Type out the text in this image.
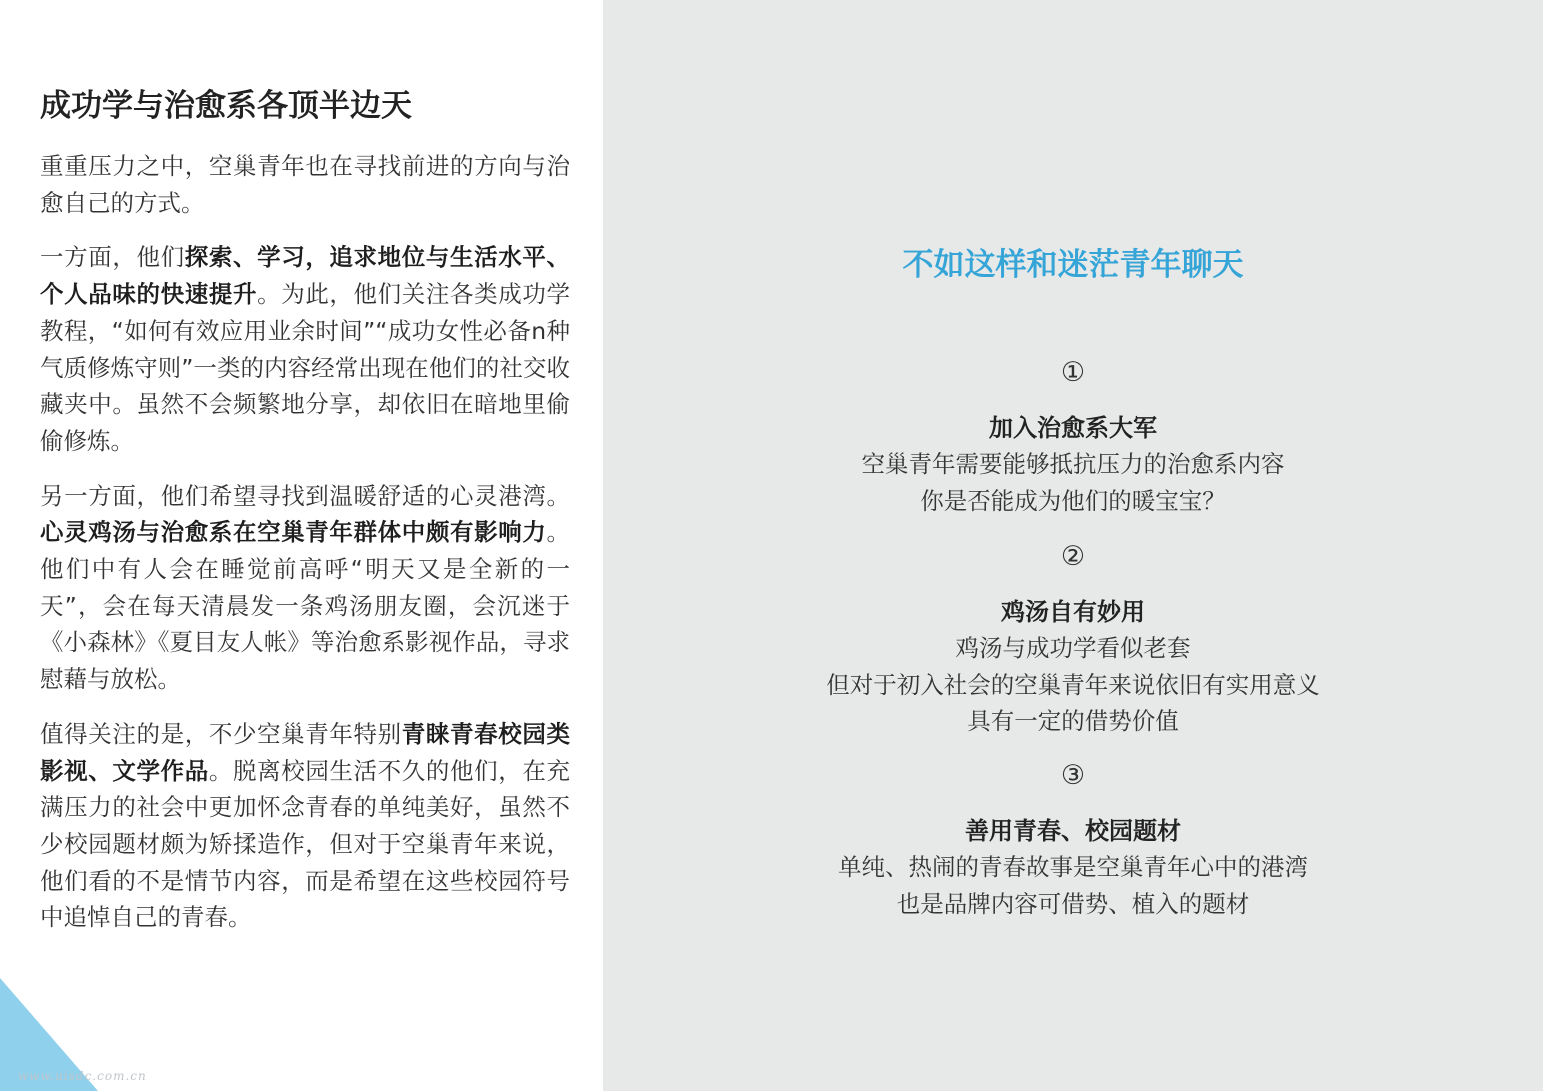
成功学与治愈系各顶半边天

重重压力之中，空巢青年也在寻找前进的方向与治愈自己的方式。

一方面，他们探索、学习，追求地位与生活水平、个人品味的快速提升。为此，他们关注各类成功学教程，“如何有效应用业余时间”“成功女性必备n种气质修炼守则”一类的内容经常出现在他们的社交收藏夹中。虽然不会频繁地分享，却依旧在暗地里偷偷修炼。

另一方面，他们希望寻找到温暖舒适的心灵港湾。心灵鸡汤与治愈系在空巢青年群体中颇有影响力。他们中有人会在睡觉前高呼“明天又是全新的一天”，会在每天清晨发一条鸡汤朋友圈，会沉迷于《小森林》《夏目友人帐》等治愈系影视作品，寻求慰藉与放松。

值得关注的是，不少空巢青年特别青睐青春校园类影视、文学作品。脱离校园生活不久的他们，在充满压力的社会中更加怀念青春的单纯美好，虽然不少校园题材颇为矫揉造作，但对于空巢青年来说，他们看的不是情节内容，而是希望在这些校园符号中追悼自己的青春。

www.uisdc.com.cn
不如这样和迷茫青年聊天
①
加入治愈系大军
空巢青年需要能够抵抗压力的治愈系内容
你是否能成为他们的暖宝宝？
②
鸡汤自有妙用
鸡汤与成功学看似老套
但对于初入社会的空巢青年来说依旧有实用意义
具有一定的借势价值
③
善用青春、校园题材
单纯、热闹的青春故事是空巢青年心中的港湾
也是品牌内容可借势、植入的题材
